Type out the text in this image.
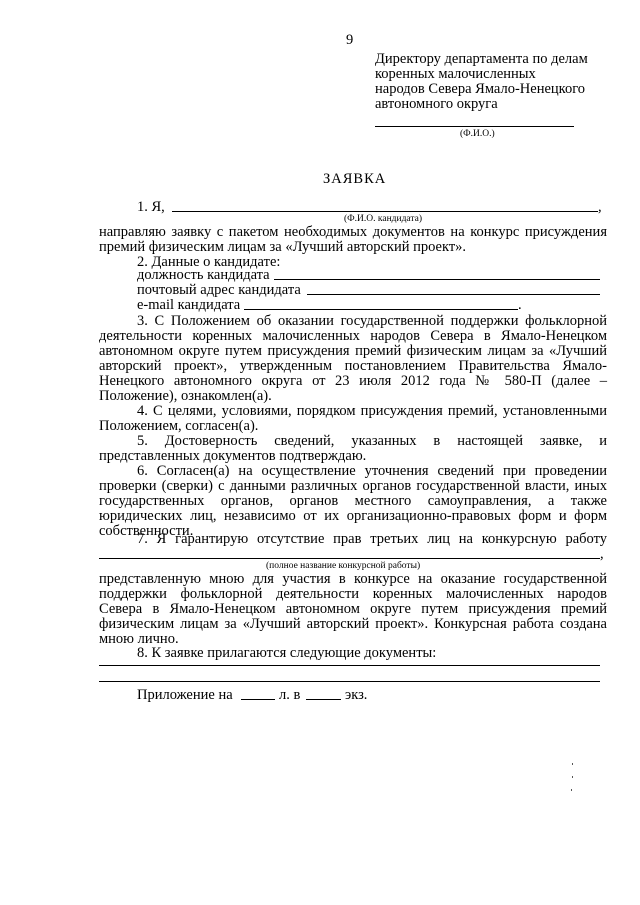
9
Директору департамента по делам
коренных малочисленных
народов Севера Ямало-Ненецкого
автономного округа
(Ф.И.О.)
ЗАЯВКА
1. Я,	,
(Ф.И.О. кандидата)
направляю заявку с пакетом необходимых документов на конкурс присуждения
премий физическим лицам за «Лучший авторский проект».
2. Данные о кандидате:
должность кандидата
почтовый адрес кандидата
e-mail кандидата	.
3. С Положением об оказании государственной поддержки фольклорной
деятельности коренных малочисленных народов Севера в Ямало-Ненецком
автономном округе путем присуждения премий физическим лицам за «Лучший
авторский проект», утвержденным постановлением Правительства Ямало-
Ненецкого автономного округа от 23 июля 2012 года № 580-П (далее –
Положение), ознакомлен(а).
4. С целями, условиями, порядком присуждения премий, установленными
Положением, согласен(а).
5. Достоверность сведений, указанных в настоящей заявке, и
представленных документов подтверждаю.
6. Согласен(а) на осуществление уточнения сведений при проведении
проверки (сверки) с данными различных органов государственной власти, иных
государственных органов, органов местного самоуправления, а также
юридических лиц, независимо от их организационно-правовых форм и форм
собственности.
7. Я гарантирую отсутствие прав третьих лиц на конкурсную работу
,
(полное название конкурсной работы)
представленную мною для участия в конкурсе на оказание государственной
поддержки фольклорной деятельности коренных малочисленных народов
Севера в Ямало-Ненецком автономном округе путем присуждения премий
физическим лицам за «Лучший авторский проект». Конкурсная работа создана
мною лично.
8. К заявке прилагаются следующие документы:
Приложение на	л. в	экз.
